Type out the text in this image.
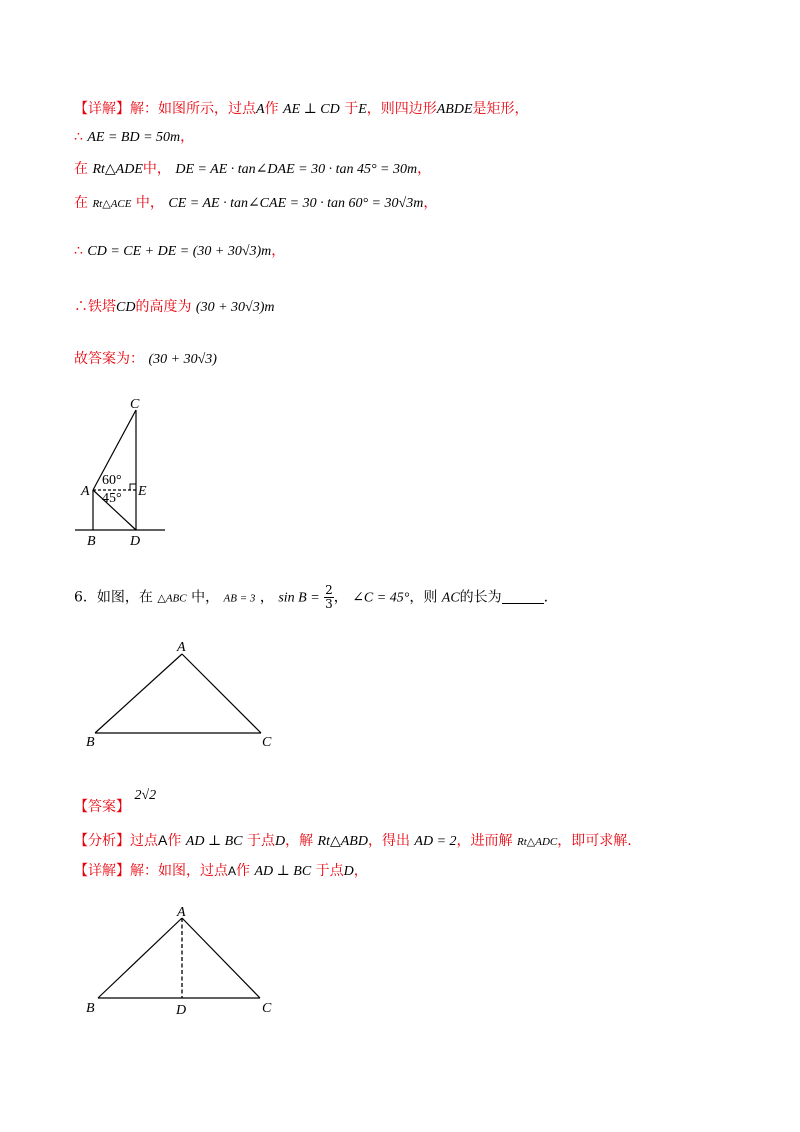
【详解】解：如图所示，过点A作 AE ⊥ CD 于E，则四边形ABDE是矩形，
∴ AE = BD = 50m，
在 Rt△ADE中， DE = AE · tan∠DAE = 30 · tan 45° = 30m，
在 Rt△ACE 中， CE = AE · tan∠CAE = 30 · tan 60° = 30√3m，
∴ CD = CE + DE = (30 + 30√3)m，
∴铁塔CD的高度为 (30 + 30√3)m
故答案为： (30 + 30√3)
C
A	E
B D
60°
45°
6．如图，在 △ABC 中， AB = 3 ， $\sin B = \frac{2}{3}$ ， ∠C = 45°，则 AC的长为	.
A
B	C
【答案】 2√2
【分析】过点A作 AD ⊥ BC 于点D，解 Rt△ABD，得出 AD = 2，进而解 Rt△ADC，即可求解.
【详解】解：如图，过点A作 AD ⊥ BC 于点D，
A
B	D	C
